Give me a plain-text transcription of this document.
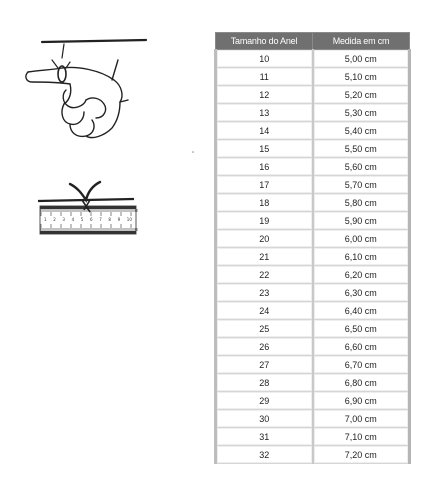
1 2 3 4 5 6 7 8 9 10
Tamanho do Anel	Medida em cm
10	5,00 cm
11	5,10 cm
12	5,20 cm
13	5,30 cm
14	5,40 cm
15	5,50 cm
16	5,60 cm
17	5,70 cm
18	5,80 cm
19	5,90 cm
20	6,00 cm
21	6,10 cm
22	6,20 cm
23	6,30 cm
24	6,40 cm
25	6,50 cm
26	6,60 cm
27	6,70 cm
28	6,80 cm
29	6,90 cm
30	7,00 cm
31	7,10 cm
32	7,20 cm
